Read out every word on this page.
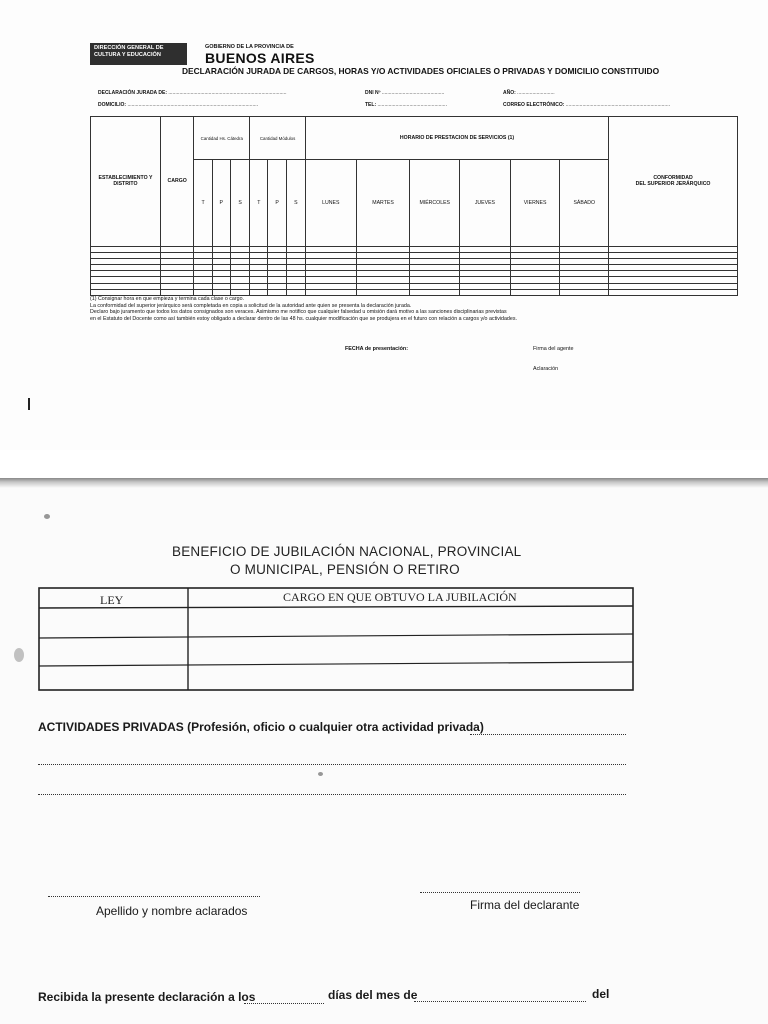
DIRECCIÓN GENERAL DE
CULTURA Y EDUCACIÓN
GOBIERNO DE LA PROVINCIA DE
BUENOS AIRES
DECLARACIÓN JURADA DE CARGOS, HORAS Y/O ACTIVIDADES OFICIALES O PRIVADAS Y DOMICILIO CONSTITUIDO
DECLARACIÓN JURADA DE: .....................................................................................	DNI Nº .............................................	AÑO: ...........................
DOMICILIO: ..............................................................................................	TEL: ..................................................	CORREO ELECTRÓNICO: ...........................................................................
ESTABLECIMIENTO Y DISTRITO	CARGO	Cantidad Hs. Cátedra			Cantidad Módulos			HORARIO DE PRESTACION DE SERVICIOS (1)						CONFORMIDAD
DEL SUPERIOR JERÁRQUICO

		T	P	S	T	P	S	LUNES	MARTES	MIÉRCOLES	JUEVES	VIERNES	SÁBADO	

(1) Consignar hora en que empieza y termina cada clase o cargo.

La conformidad del superior jerárquico será completada en copia a solicitud de la autoridad ante quien se presenta la declaración jurada.

Declaro bajo juramento que todos los datos consignados son veraces. Asimismo me notifico que cualquier falsedad u omisión dará motivo a las sanciones disciplinarias previstas

en el Estatuto del Docente como así también estoy obligado a declarar dentro de las 48 hs. cualquier modificación que se produjera en el futuro con relación a cargos y/o actividades.

FECHA de presentación:	Firma del agente
Aclaración
BENEFICIO DE JUBILACIÓN NACIONAL, PROVINCIAL
O MUNICIPAL, PENSIÓN O RETIRO
LEY	CARGO EN QUE OBTUVO LA JUBILACIÓN
ACTIVIDADES PRIVADAS (Profesión, oficio o cualquier otra actividad privada)
Apellido y nombre aclarados	Firma del declarante
Recibida la presente declaración a los	días del mes de	del
